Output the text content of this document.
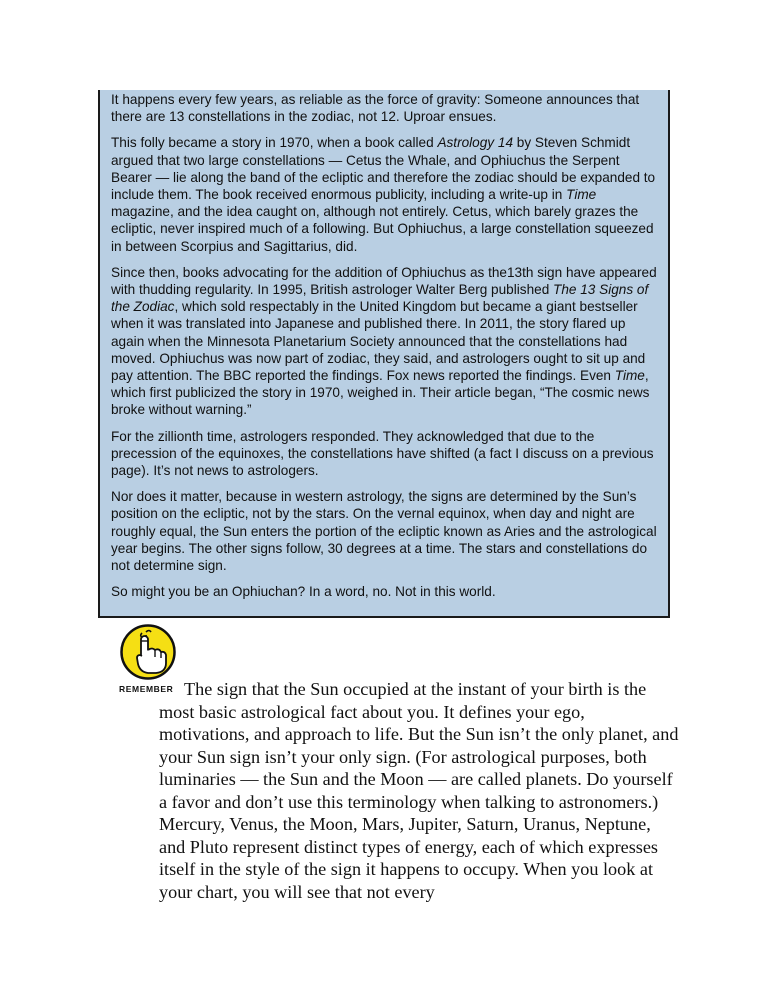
It happens every few years, as reliable as the force of gravity: Someone announces that there are 13 constellations in the zodiac, not 12. Uproar ensues.

This folly became a story in 1970, when a book called Astrology 14 by Steven Schmidt argued that two large constellations — Cetus the Whale, and Ophiuchus the Serpent Bearer — lie along the band of the ecliptic and therefore the zodiac should be expanded to include them. The book received enormous publicity, including a write-up in Time magazine, and the idea caught on, although not entirely. Cetus, which barely grazes the ecliptic, never inspired much of a following. But Ophiuchus, a large constellation squeezed in between Scorpius and Sagittarius, did.

Since then, books advocating for the addition of Ophiuchus as the13th sign have appeared with thudding regularity. In 1995, British astrologer Walter Berg published The 13 Signs of the Zodiac, which sold respectably in the United Kingdom but became a giant bestseller when it was translated into Japanese and published there. In 2011, the story flared up again when the Minnesota Planetarium Society announced that the constellations had moved. Ophiuchus was now part of zodiac, they said, and astrologers ought to sit up and pay attention. The BBC reported the findings. Fox news reported the findings. Even Time, which first publicized the story in 1970, weighed in. Their article began, “The cosmic news broke without warning.”

For the zillionth time, astrologers responded. They acknowledged that due to the precession of the equinoxes, the constellations have shifted (a fact I discuss on a previous page). It’s not news to astrologers.

Nor does it matter, because in western astrology, the signs are determined by the Sun’s position on the ecliptic, not by the stars. On the vernal equinox, when day and night are roughly equal, the Sun enters the portion of the ecliptic known as Aries and the astrological year begins. The other signs follow, 30 degrees at a time. The stars and constellations do not determine sign.

So might you be an Ophiuchan? In a word, no. Not in this world.

REMEMBER The sign that the Sun occupied at the instant of your birth is the most basic astrological fact about you. It defines your ego, motivations, and approach to life. But the Sun isn’t the only planet, and your Sun sign isn’t your only sign. (For astrological purposes, both luminaries — the Sun and the Moon — are called planets. Do yourself a favor and don’t use this terminology when talking to astronomers.) Mercury, Venus, the Moon, Mars, Jupiter, Saturn, Uranus, Neptune, and Pluto represent distinct types of energy, each of which expresses itself in the style of the sign it happens to occupy. When you look at your chart, you will see that not every
